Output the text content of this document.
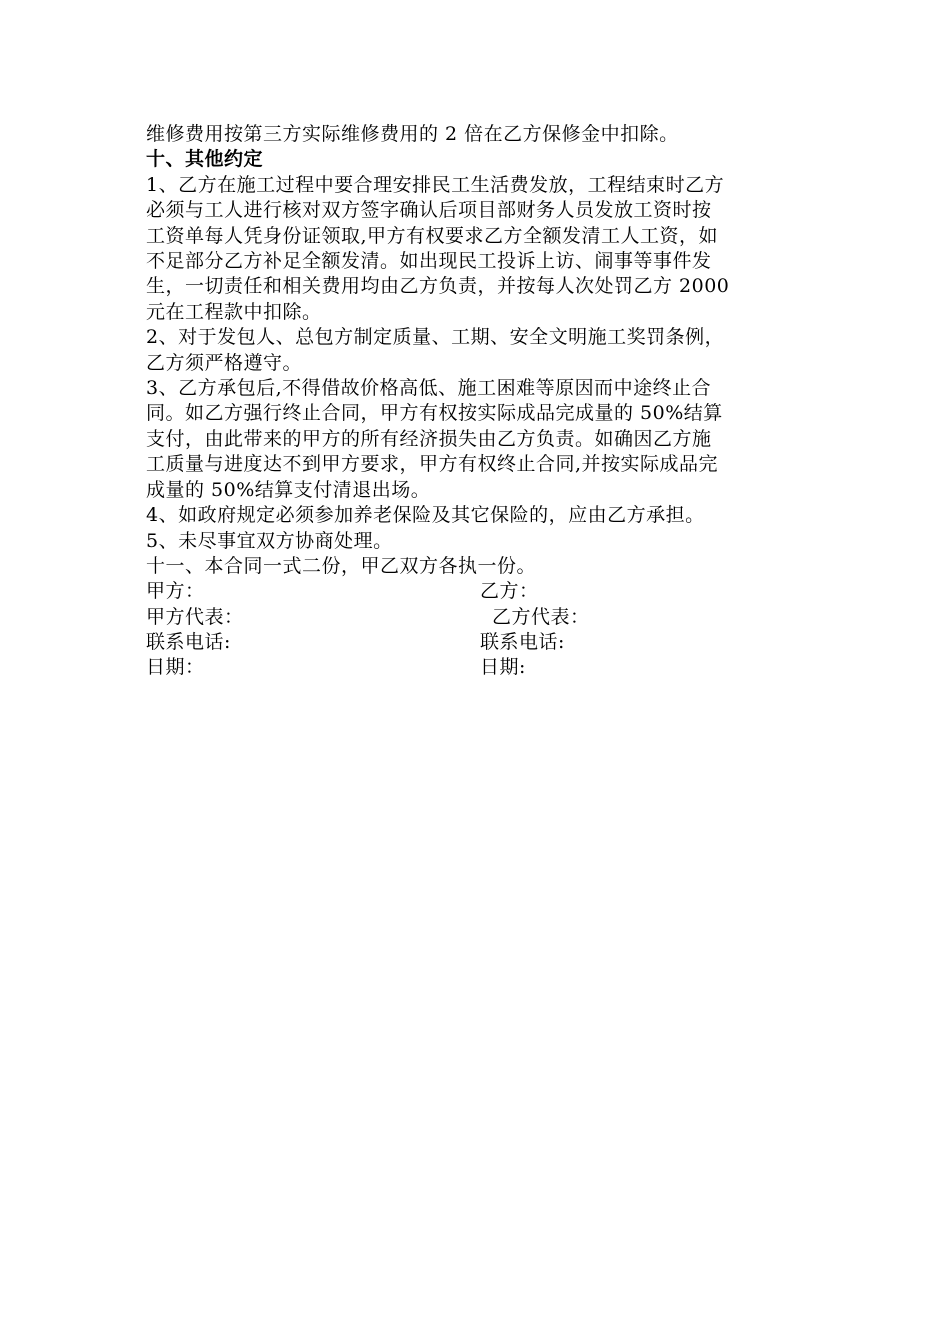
维修费用按第三方实际维修费用的 2 倍在乙方保修金中扣除。

十、其他约定

1、乙方在施工过程中要合理安排民工生活费发放，工程结束时乙方

必须与工人进行核对双方签字确认后项目部财务人员发放工资时按

工资单每人凭身份证领取,甲方有权要求乙方全额发清工人工资，如

不足部分乙方补足全额发清。如出现民工投诉上访、闹事等事件发

生，一切责任和相关费用均由乙方负责，并按每人次处罚乙方 2000

元在工程款中扣除。

2、对于发包人、总包方制定质量、工期、安全文明施工奖罚条例，

乙方须严格遵守。

3、乙方承包后,不得借故价格高低、施工困难等原因而中途终止合

同。如乙方强行终止合同，甲方有权按实际成品完成量的 50%结算

支付，由此带来的甲方的所有经济损失由乙方负责。如确因乙方施

工质量与进度达不到甲方要求，甲方有权终止合同,并按实际成品完

成量的 50%结算支付清退出场。

4、如政府规定必须参加养老保险及其它保险的，应由乙方承担。

5、未尽事宜双方协商处理。

十一、本合同一式二份，甲乙双方各执一份。

甲方：	乙方：
甲方代表：	乙方代表：
联系电话:	联系电话:
日期：	日期:
